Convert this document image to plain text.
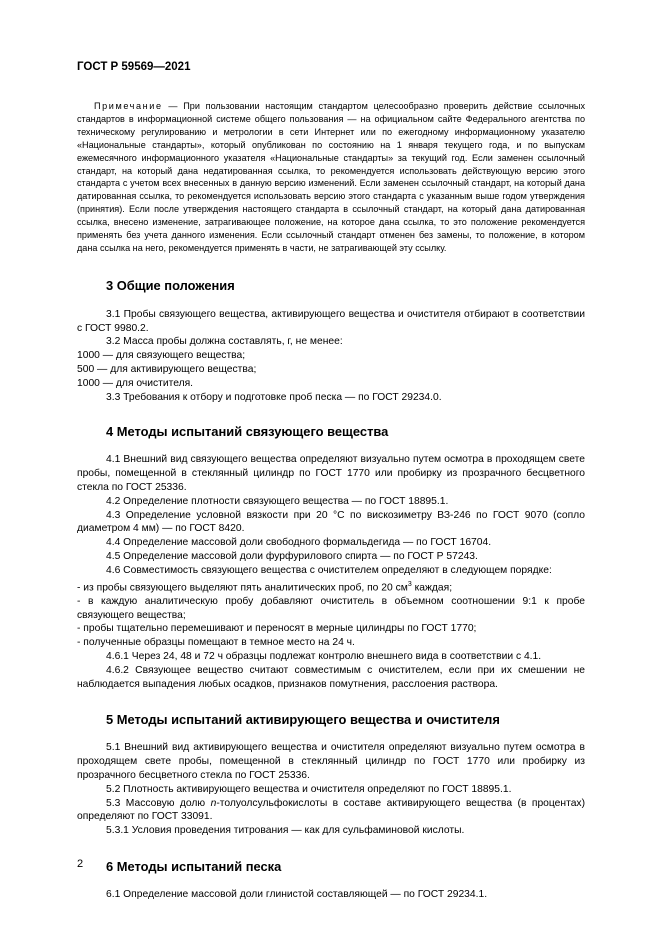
ГОСТ Р 59569—2021
Примечание — При пользовании настоящим стандартом целесообразно проверить действие ссылочных стандартов в информационной системе общего пользования — на официальном сайте Федерального агентства по техническому регулированию и метрологии в сети Интернет или по ежегодному информационному указателю «Национальные стандарты», который опубликован по состоянию на 1 января текущего года, и по выпускам ежемесячного информационного указателя «Национальные стандарты» за текущий год. Если заменен ссылочный стандарт, на который дана недатированная ссылка, то рекомендуется использовать действующую версию этого стандарта с учетом всех внесенных в данную версию изменений. Если заменен ссылочный стандарт, на который дана датированная ссылка, то рекомендуется использовать версию этого стандарта с указанным выше годом утверждения (принятия). Если после утверждения настоящего стандарта в ссылочный стандарт, на который дана датированная ссылка, внесено изменение, затрагивающее положение, на которое дана ссылка, то это положение рекомендуется применять без учета данного изменения. Если ссылочный стандарт отменен без замены, то положение, в котором дана ссылка на него, рекомендуется применять в части, не затрагивающей эту ссылку.
3 Общие положения

3.1 Пробы связующего вещества, активирующего вещества и очистителя отбирают в соответствии с ГОСТ 9980.2.

3.2 Масса пробы должна составлять, г, не менее:

1000 — для связующего вещества;

500 — для активирующего вещества;

1000 — для очистителя.

3.3 Требования к отбору и подготовке проб песка — по ГОСТ 29234.0.

4 Методы испытаний связующего вещества

4.1 Внешний вид связующего вещества определяют визуально путем осмотра в проходящем свете пробы, помещенной в стеклянный цилиндр по ГОСТ 1770 или пробирку из прозрачного бесцветного стекла по ГОСТ 25336.

4.2 Определение плотности связующего вещества — по ГОСТ 18895.1.

4.3 Определение условной вязкости при 20 °С по вискозиметру ВЗ-246 по ГОСТ 9070 (сопло диаметром 4 мм) — по ГОСТ 8420.

4.4 Определение массовой доли свободного формальдегида — по ГОСТ 16704.

4.5 Определение массовой доли фурфурилового спирта — по ГОСТ Р 57243.

4.6 Совместимость связующего вещества с очистителем определяют в следующем порядке:

- из пробы связующего выделяют пять аналитических проб, по 20 $см^3$ каждая;

- в каждую аналитическую пробу добавляют очиститель в объемном соотношении 9:1 к пробе связующего вещества;

- пробы тщательно перемешивают и переносят в мерные цилиндры по ГОСТ 1770;

- полученные образцы помещают в темное место на 24 ч.

4.6.1 Через 24, 48 и 72 ч образцы подлежат контролю внешнего вида в соответствии с 4.1.

4.6.2 Связующее вещество считают совместимым с очистителем, если при их смешении не наблюдается выпадения любых осадков, признаков помутнения, расслоения раствора.

5 Методы испытаний активирующего вещества и очистителя

5.1 Внешний вид активирующего вещества и очистителя определяют визуально путем осмотра в проходящем свете пробы, помещенной в стеклянный цилиндр по ГОСТ 1770 или пробирку из прозрачного бесцветного стекла по ГОСТ 25336.

5.2 Плотность активирующего вещества и очистителя определяют по ГОСТ 18895.1.

5.3 Массовую долю n-толуолсульфокислоты в составе активирующего вещества (в процентах) определяют по ГОСТ 33091.

5.3.1 Условия проведения титрования — как для сульфаминовой кислоты.

6 Методы испытаний песка

6.1 Определение массовой доли глинистой составляющей — по ГОСТ 29234.1.

2
